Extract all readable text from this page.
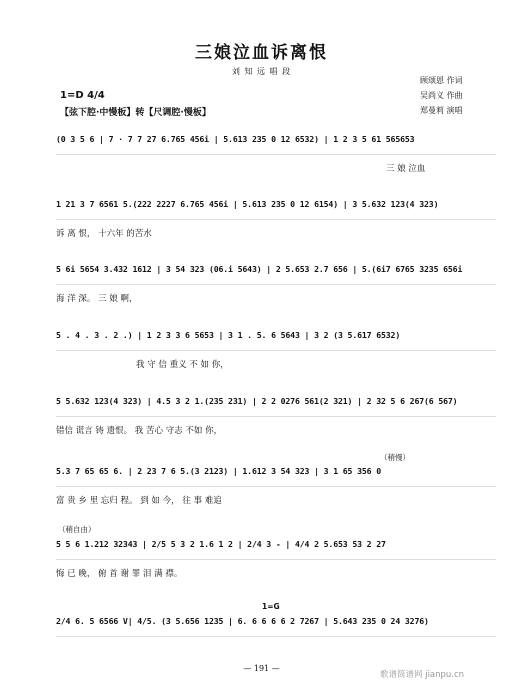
三娘泣血诉离恨
刘 知 远 唱 段
顾颂恩 作词
吴尚义 作曲
郑曼莉 演唱
1=D 4/4
【弦下腔·中慢板】转【尺调腔·慢板】
(0 3 5 6 | 7 · 7 7 27 6.765 456i | 5.613 235 0 12 6532) | 1 2 3 5 61 565653
三 娘 泣血
1 21 3 7 6561 5.(222 2227 6.765 456i | 5.613 235 0 12 6154) | 3 5.632 123(4 323)
诉 离 恨， 十六年 的苦水
5 6i 5654 3.432 1612 | 3 54 323 (06.i 5643) | 2 5.653 2.7 656 | 5.(6i7 6765 3235 656i
海 洋 深。 三 娘 啊，
5 . 4 . 3 . 2 .) | 1 2 3 3 6 5653 | 3 1 . 5. 6 5643 | 3 2 (3 5.617 6532)
我 守 信 重义 不 如 你，
5 5.632 123(4 323) | 4.5 3 2 1.(235 231) | 2 2 0276 561(2 321) | 2 32 5 6 267(6 567)
错信 谎言 铸 遗恨。 我 苦心 守志 不如 你，
（稍慢）
5.3 7 65 65 6. | 2 23 7 6 5.(3 2123) | 1.612 3 54 323 | 3 1 65 356 0
富 贵 乡 里 忘归 程。 到 如 今， 往 事 难追
（稍自由）
5 5 6 1.212 32343 | 2/5 5 3 2 1.6 1 2 | 2/4 3 - | 4/4 2 5.653 53 2 27
悔 已 晚， 俯 首 谢 罪 泪 满 襟。
1=G
2/4 6. 5 6566 V| 4/5. (3 5.656 1235 | 6. 6 6 6 6 2 7267 | 5.643 235 0 24 3276)
— 191 —
歌谱简谱网 jianpu.cn
